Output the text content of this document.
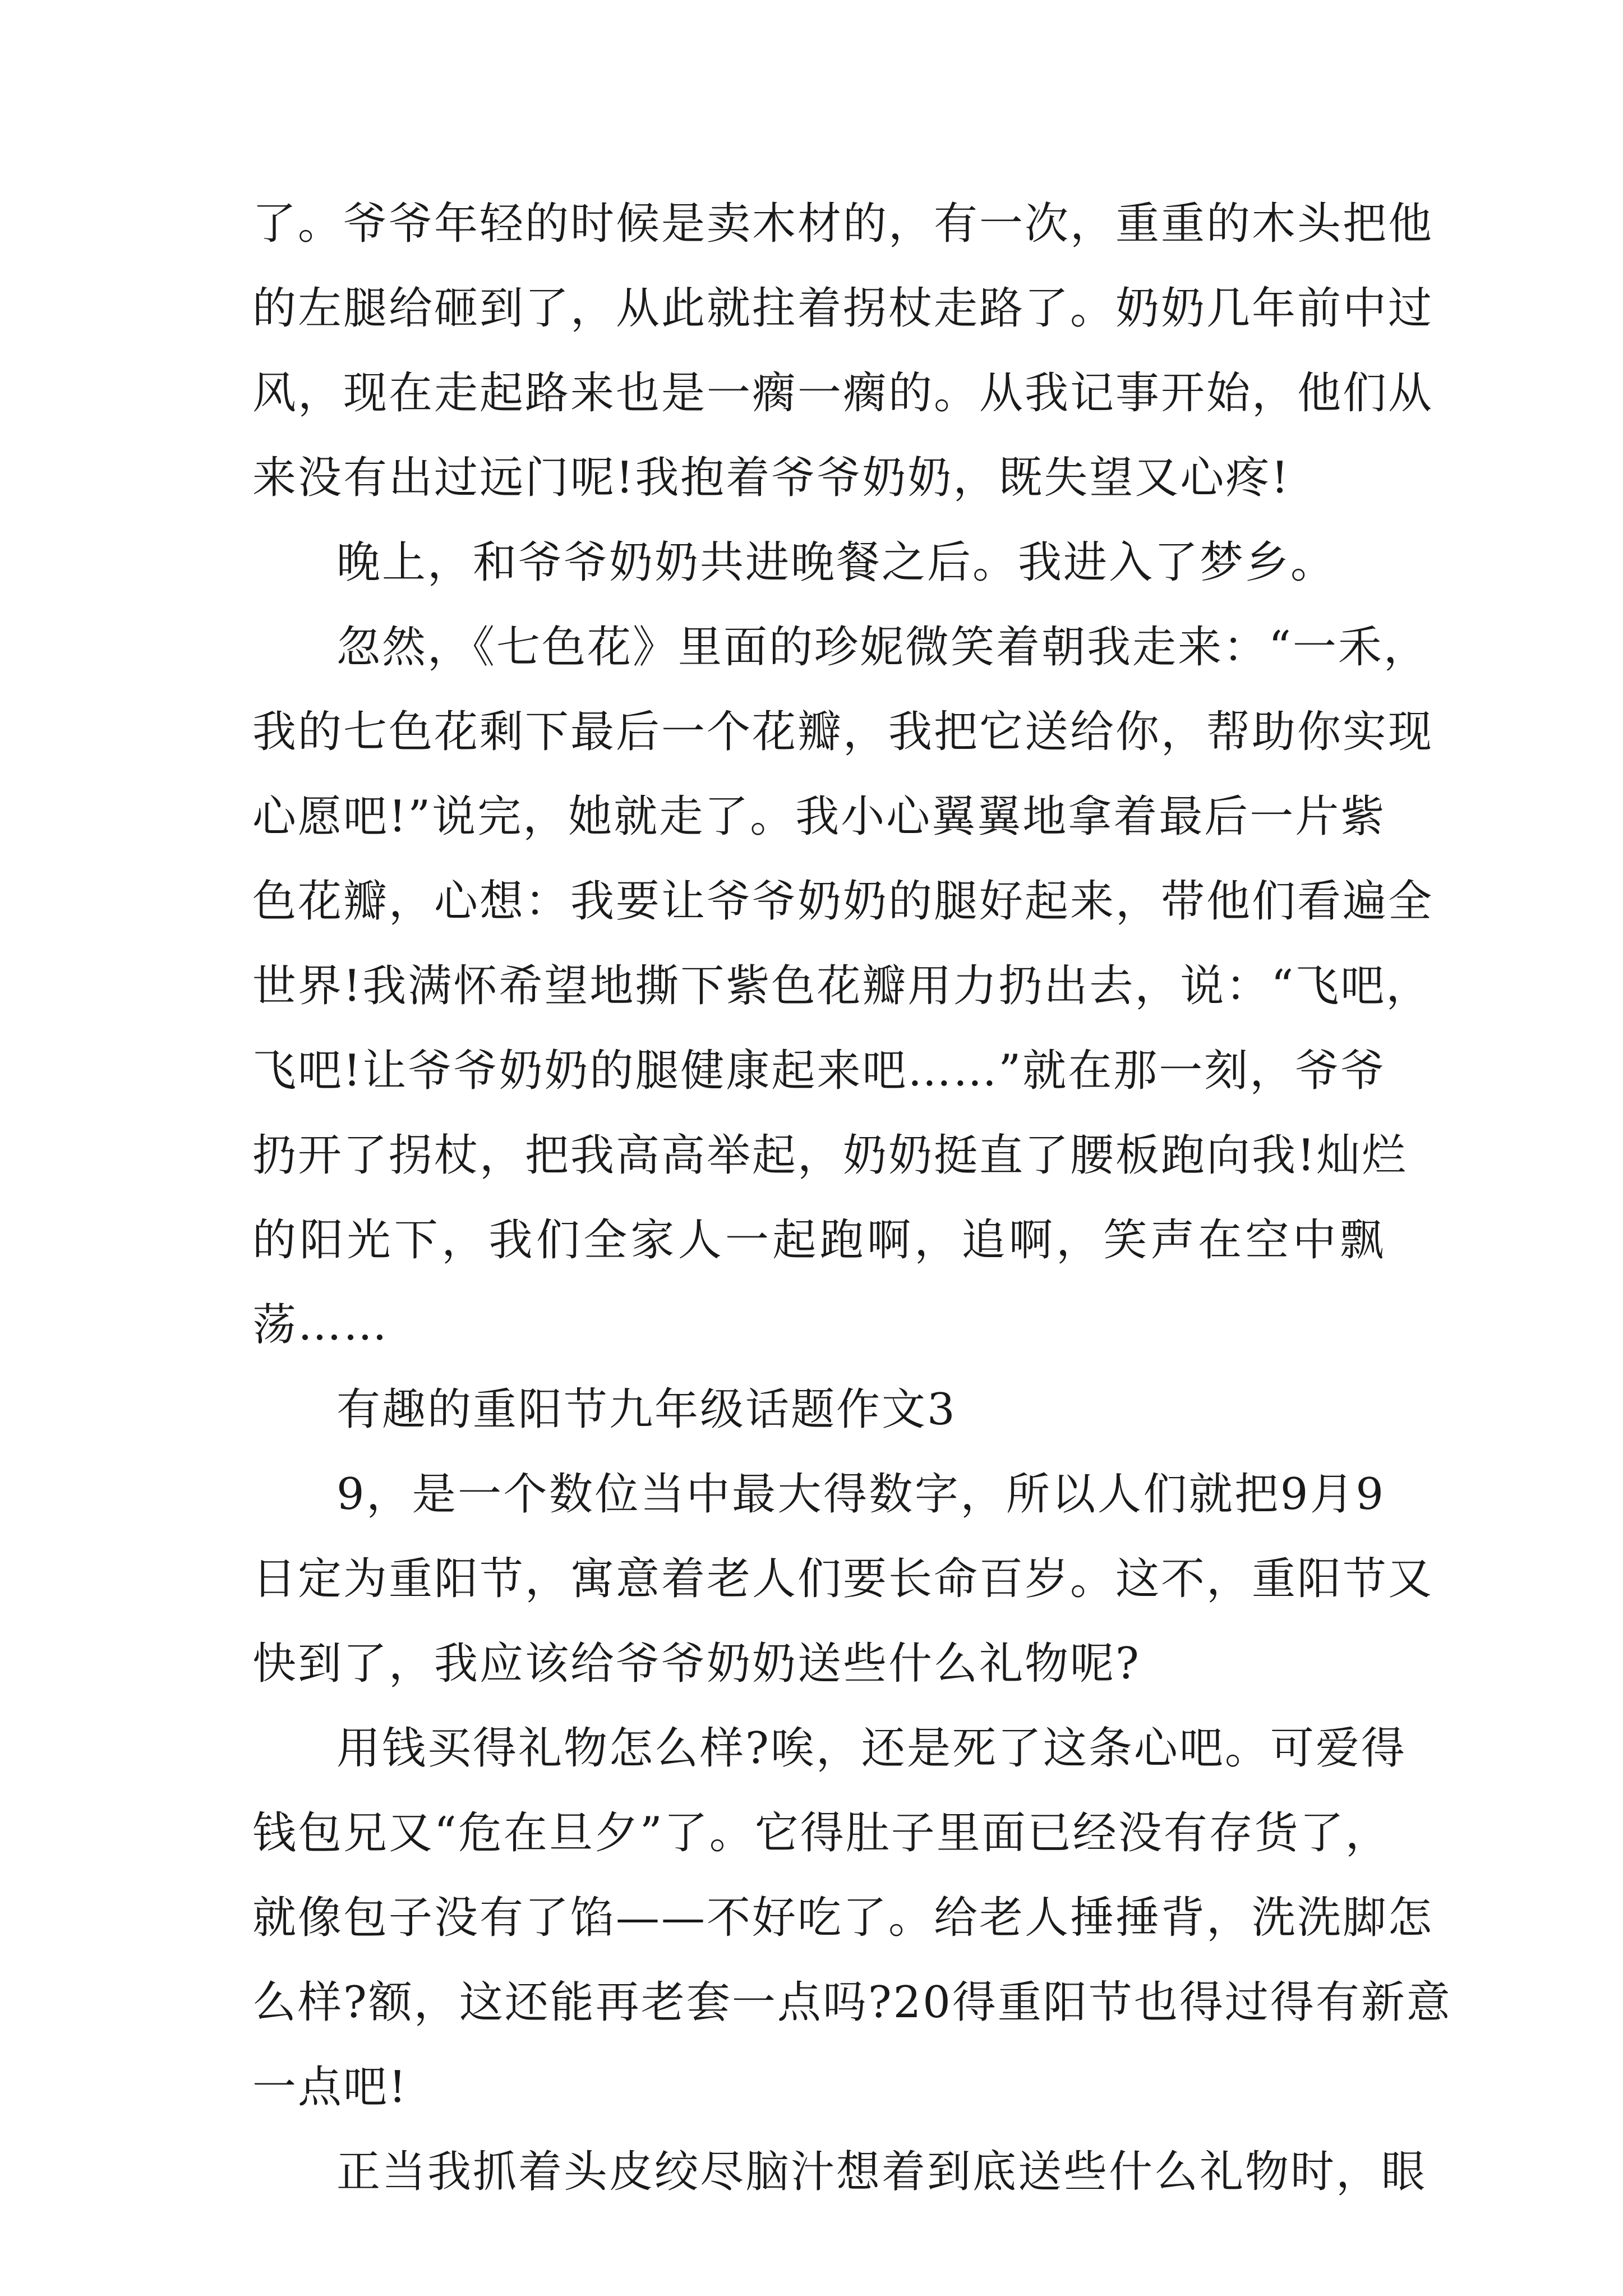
了。爷爷年轻的时候是卖木材的，有一次，重重的木头把他
的左腿给砸到了，从此就拄着拐杖走路了。奶奶几年前中过
风，现在走起路来也是一瘸一瘸的。从我记事开始，他们从
来没有出过远门呢!我抱着爷爷奶奶，既失望又心疼!
晚上，和爷爷奶奶共进晚餐之后。我进入了梦乡。
忽然，《七色花》里面的珍妮微笑着朝我走来：“一禾，
我的七色花剩下最后一个花瓣，我把它送给你，帮助你实现
心愿吧!”说完，她就走了。我小心翼翼地拿着最后一片紫
色花瓣，心想：我要让爷爷奶奶的腿好起来，带他们看遍全
世界!我满怀希望地撕下紫色花瓣用力扔出去，说：“飞吧，
飞吧!让爷爷奶奶的腿健康起来吧……”就在那一刻，爷爷
扔开了拐杖，把我高高举起，奶奶挺直了腰板跑向我!灿烂
的阳光下，我们全家人一起跑啊，追啊，笑声在空中飘
荡……
有趣的重阳节九年级话题作文3
9，是一个数位当中最大得数字，所以人们就把9月9
日定为重阳节，寓意着老人们要长命百岁。这不，重阳节又
快到了，我应该给爷爷奶奶送些什么礼物呢?
用钱买得礼物怎么样?唉，还是死了这条心吧。可爱得
钱包兄又“危在旦夕”了。它得肚子里面已经没有存货了，
就像包子没有了馅——不好吃了。给老人捶捶背，洗洗脚怎
么样?额，这还能再老套一点吗?20得重阳节也得过得有新意
一点吧!
正当我抓着头皮绞尽脑汁想着到底送些什么礼物时，眼
